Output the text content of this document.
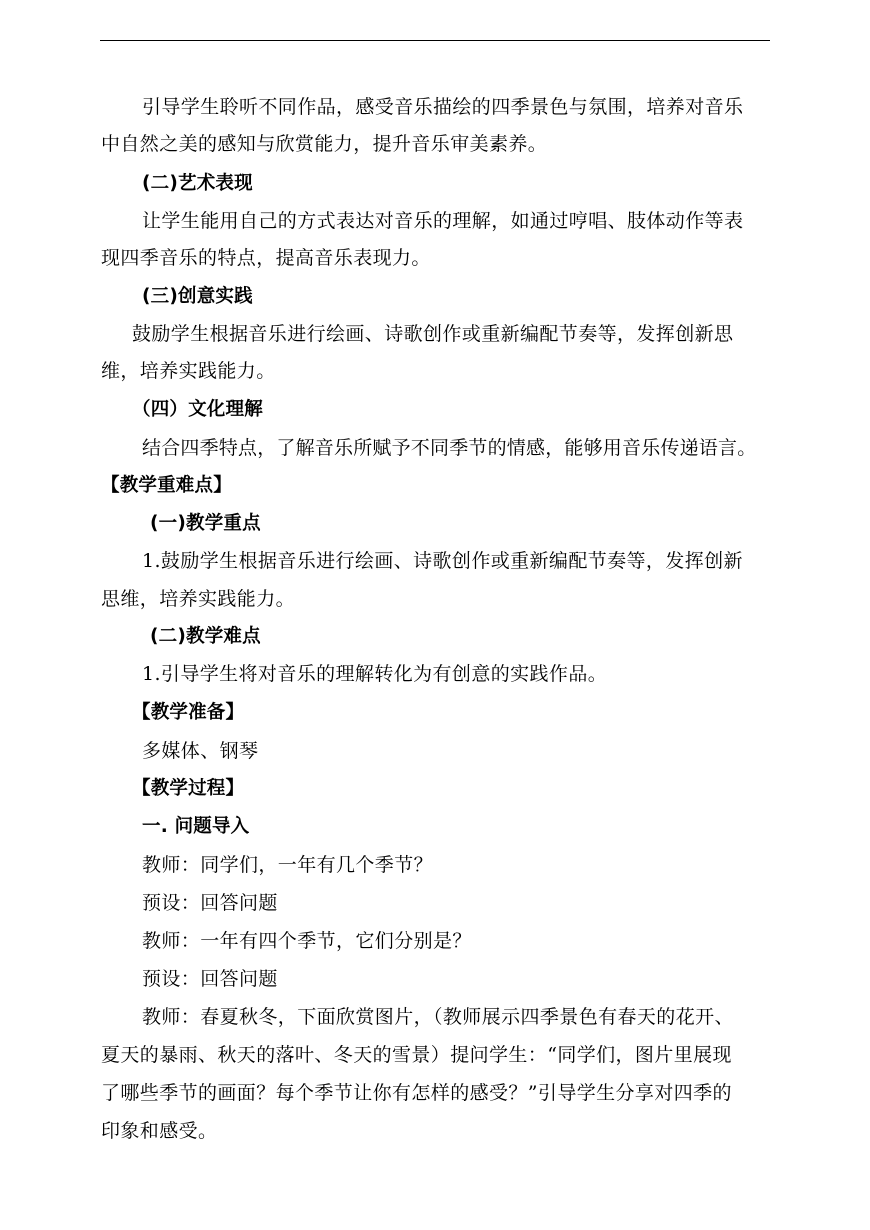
引导学生聆听不同作品，感受音乐描绘的四季景色与氛围，培养对音乐
中自然之美的感知与欣赏能力，提升音乐审美素养。
(二)艺术表现
让学生能用自己的方式表达对音乐的理解，如通过哼唱、肢体动作等表
现四季音乐的特点，提高音乐表现力。
(三)创意实践
鼓励学生根据音乐进行绘画、诗歌创作或重新编配节奏等，发挥创新思
维，培养实践能力。
（四）文化理解
结合四季特点，了解音乐所赋予不同季节的情感，能够用音乐传递语言。
【教学重难点】
(一)教学重点
1.鼓励学生根据音乐进行绘画、诗歌创作或重新编配节奏等，发挥创新
思维，培养实践能力。
(二)教学难点
1.引导学生将对音乐的理解转化为有创意的实践作品。
【教学准备】
多媒体、钢琴
【教学过程】
一. 问题导入
教师：同学们，一年有几个季节？
预设：回答问题
教师：一年有四个季节，它们分别是？
预设：回答问题
教师：春夏秋冬，下面欣赏图片，（教师展示四季景色有春天的花开、
夏天的暴雨、秋天的落叶、冬天的雪景）提问学生：“同学们，图片里展现
了哪些季节的画面？每个季节让你有怎样的感受？”引导学生分享对四季的
印象和感受。
